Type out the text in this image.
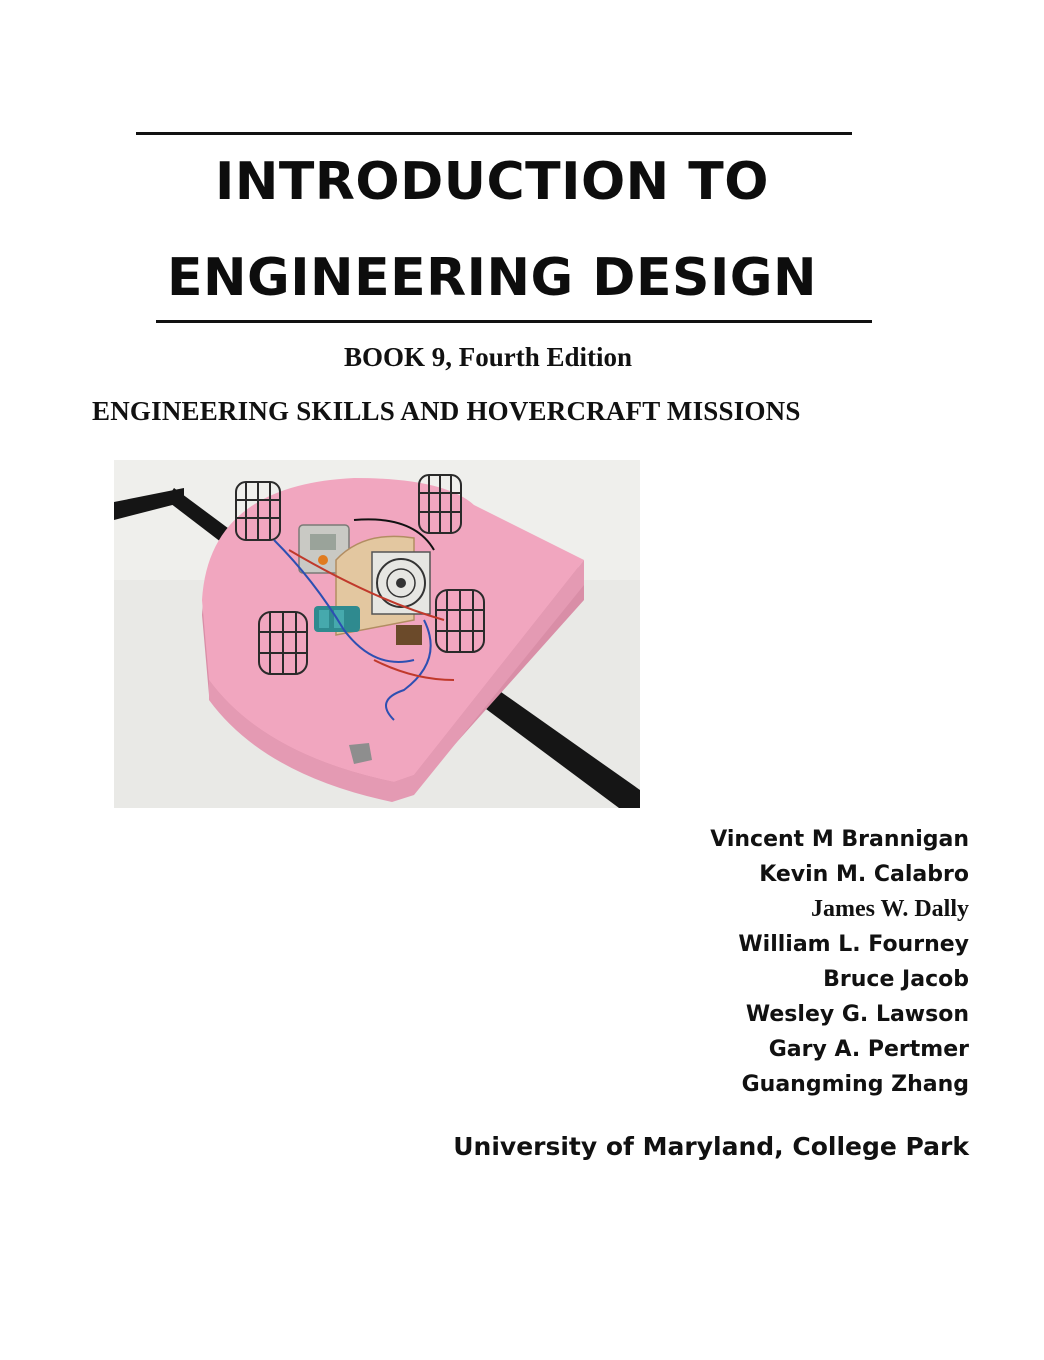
INTRODUCTION TO
ENGINEERING DESIGN
BOOK 9, Fourth Edition
ENGINEERING SKILLS AND HOVERCRAFT MISSIONS
Vincent M Brannigan
Kevin M. Calabro
James W. Dally
William L. Fourney
Bruce Jacob
Wesley G. Lawson
Gary A. Pertmer
Guangming Zhang
University of Maryland, College Park
